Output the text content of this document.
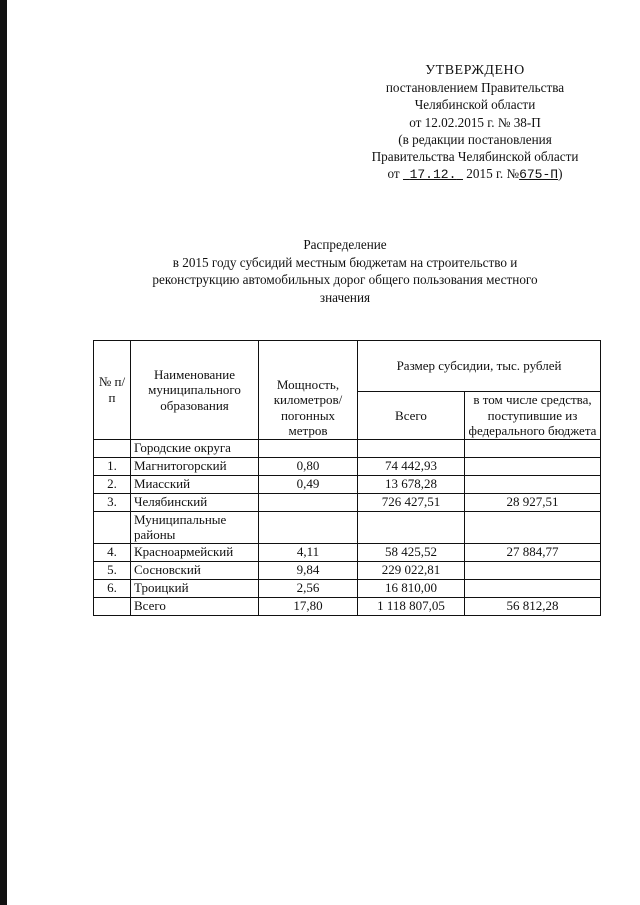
УТВЕРЖДЕНО
постановлением Правительства
Челябинской области
от 12.02.2015 г. № 38-П
(в редакции постановления
Правительства Челябинской области
от 17.12. 2015 г. №675-П)
Распределение
в 2015 году субсидий местным бюджетам на строительство и
реконструкцию автомобильных дорог общего пользования местного
значения
№ п/п	Наименование муниципального образования	Мощность, километров/ погонных метров	Размер субсидии, тыс. рублей	
			Всего	в том числе средства, поступившие из федерального бюджета
	Городские округа			
1.	Магнитогорский	0,80	74 442,93	
2.	Миасский	0,49	13 678,28	
3.	Челябинский		726 427,51	28 927,51
	Муниципальные районы			
4.	Красноармейский	4,11	58 425,52	27 884,77
5.	Сосновский	9,84	229 022,81	
6.	Троицкий	2,56	16 810,00	
	Всего	17,80	1 118 807,05	56 812,28
